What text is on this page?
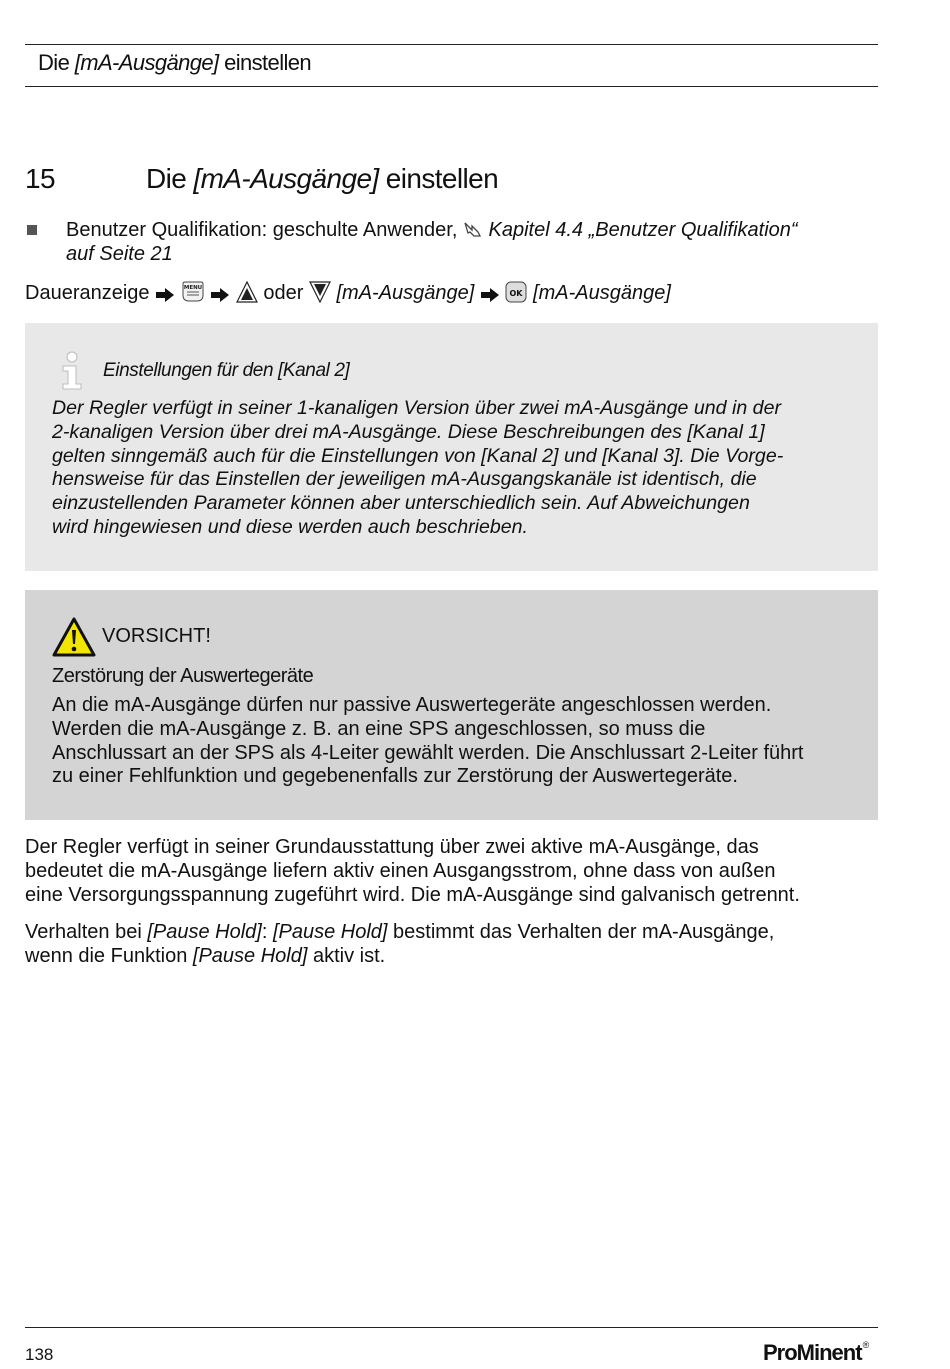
Die [mA-Ausgänge] einstellen
15	Die [mA-Ausgänge] einstellen
Benutzer Qualifikation: geschulte Anwender,  Kapitel 4.4 „Benutzer Qualifikation“
auf Seite 21
Daueranzeige	MENU	oder  [mA-Ausgänge]	OK [mA-Ausgänge]
Einstellungen für den [Kanal 2]
Der Regler verfügt in seiner 1-kanaligen Version über zwei mA-Ausgänge und in der
2-kanaligen Version über drei mA-Ausgänge. Diese Beschreibungen des [Kanal 1]
gelten sinngemäß auch für die Einstellungen von [Kanal 2] und [Kanal 3]. Die Vorge-
hensweise für das Einstellen der jeweiligen mA-Ausgangskanäle ist identisch, die
einzustellenden Parameter können aber unterschiedlich sein. Auf Abweichungen
wird hingewiesen und diese werden auch beschrieben.
VORSICHT!
Zerstörung der Auswertegeräte
An die mA-Ausgänge dürfen nur passive Auswertegeräte angeschlossen werden.
Werden die mA-Ausgänge z. B. an eine SPS angeschlossen, so muss die
Anschlussart an der SPS als 4-Leiter gewählt werden. Die Anschlussart 2-Leiter führt
zu einer Fehlfunktion und gegebenenfalls zur Zerstörung der Auswertegeräte.
Der Regler verfügt in seiner Grundausstattung über zwei aktive mA-Ausgänge, das
bedeutet die mA-Ausgänge liefern aktiv einen Ausgangsstrom, ohne dass von außen
eine Versorgungsspannung zugeführt wird. Die mA-Ausgänge sind galvanisch getrennt.
Verhalten bei [Pause Hold]: [Pause Hold] bestimmt das Verhalten der mA-Ausgänge,
wenn die Funktion [Pause Hold] aktiv ist.
138	ProMinent®
